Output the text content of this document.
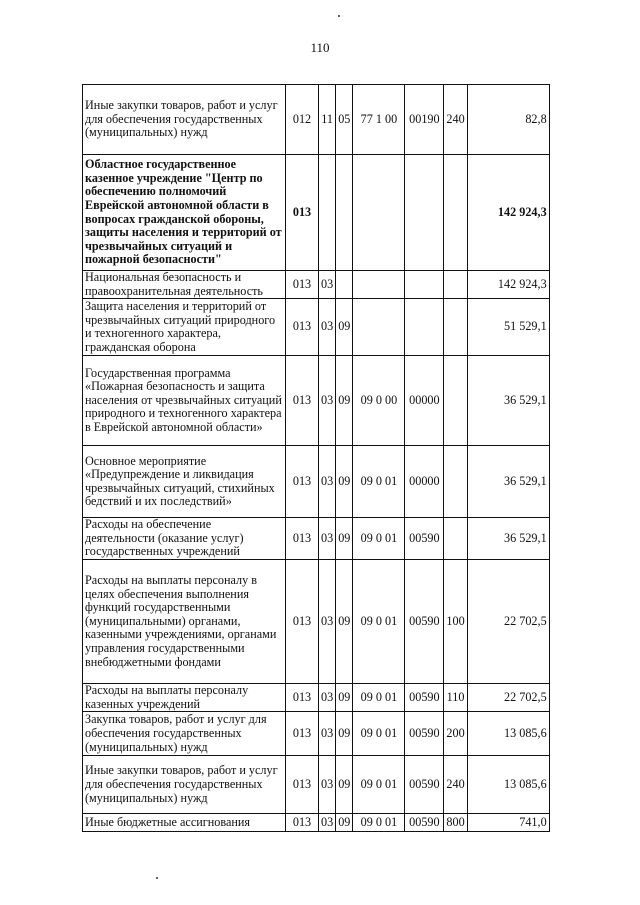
110
Иные закупки товаров, работ и услуг для обеспечения государственных (муниципальных) нужд	012	11	05	77 1 00	00190	240	82,8
Областное государственное казенное учреждение "Центр по обеспечению полномочий Еврейской автономной области в вопросах гражданской обороны, защиты населения и территорий от чрезвычайных ситуаций и пожарной безопасности"	013						142 924,3
Национальная безопасность и правоохранительная деятельность	013	03					142 924,3
Защита населения и территорий от чрезвычайных ситуаций природного и техногенного характера, гражданская оборона	013	03	09				51 529,1
Государственная программа «Пожарная безопасность и защита населения от чрезвычайных ситуаций природного и техногенного характера в Еврейской автономной области»	013	03	09	09 0 00	00000		36 529,1
Основное мероприятие «Предупреждение и ликвидация чрезвычайных ситуаций, стихийных бедствий и их последствий»	013	03	09	09 0 01	00000		36 529,1
Расходы на обеспечение деятельности (оказание услуг) государственных учреждений	013	03	09	09 0 01	00590		36 529,1
Расходы на выплаты персоналу в целях обеспечения выполнения функций государственными (муниципальными) органами, казенными учреждениями, органами управления государственными внебюджетными фондами	013	03	09	09 0 01	00590	100	22 702,5
Расходы на выплаты персоналу казенных учреждений	013	03	09	09 0 01	00590	110	22 702,5
Закупка товаров, работ и услуг для обеспечения государственных (муниципальных) нужд	013	03	09	09 0 01	00590	200	13 085,6
Иные закупки товаров, работ и услуг для обеспечения государственных (муниципальных) нужд	013	03	09	09 0 01	00590	240	13 085,6
Иные бюджетные ассигнования	013	03	09	09 0 01	00590	800	741,0
